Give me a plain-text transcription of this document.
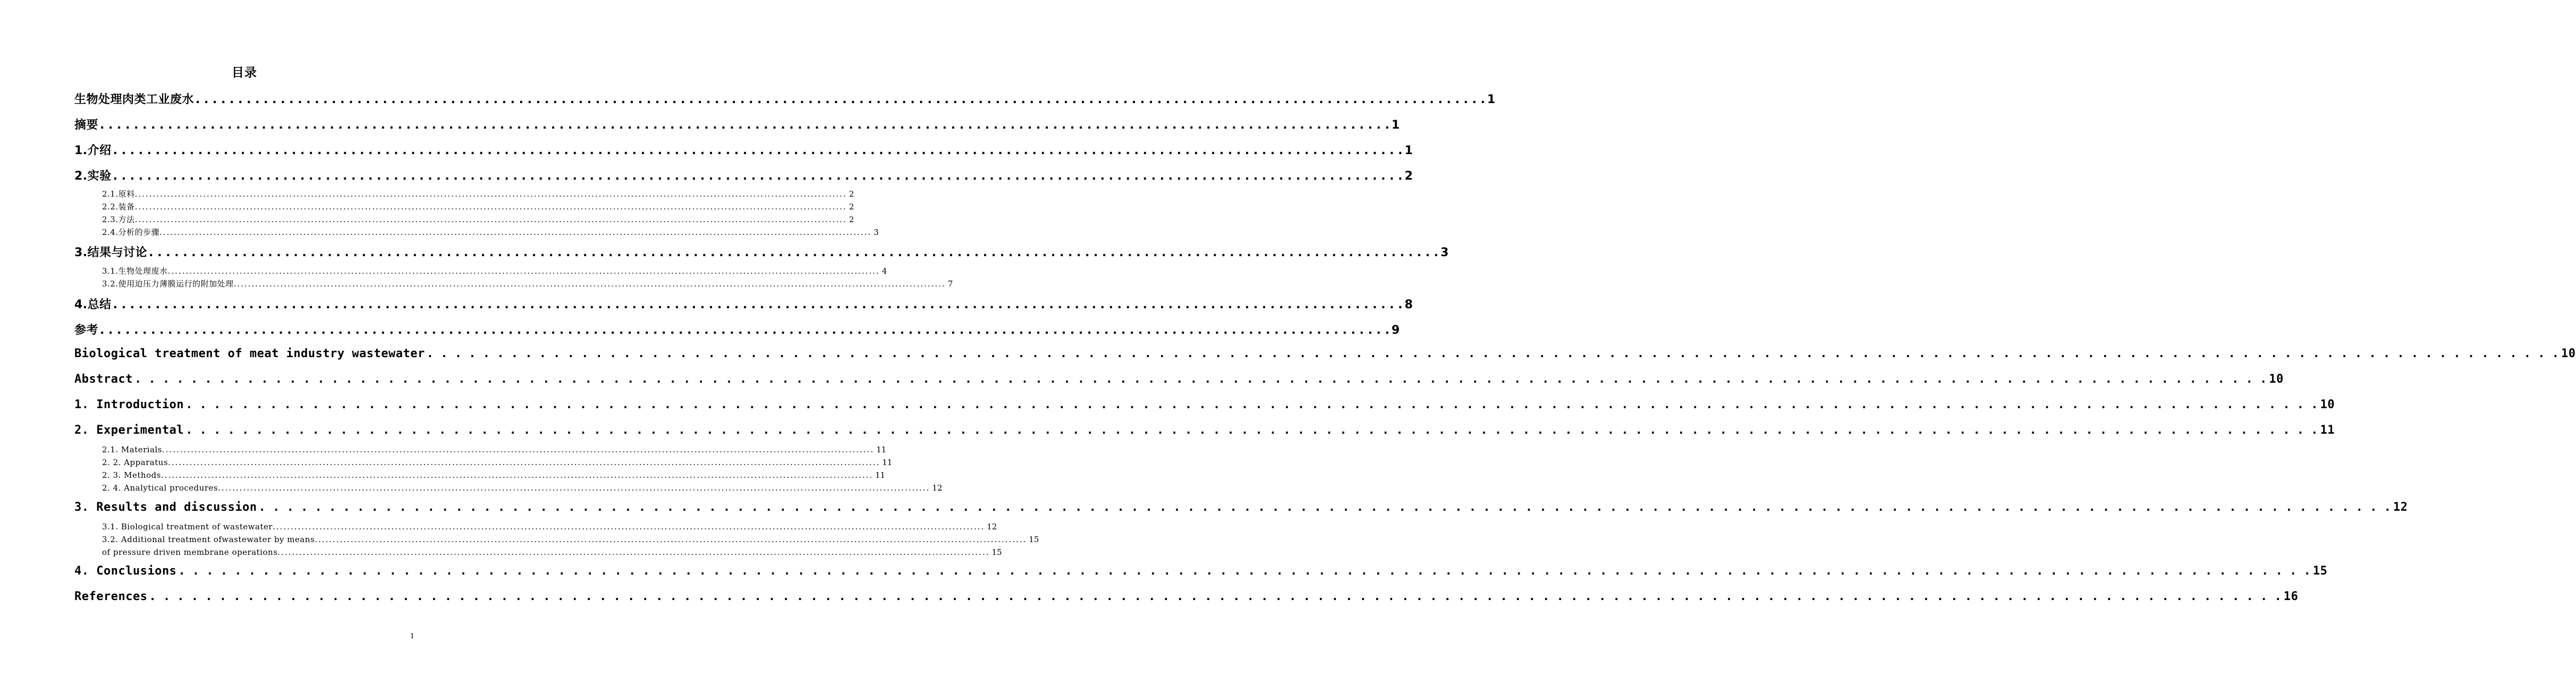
目录
生物处理肉类工业废水 . . .	1
摘要 . . .	1
1.介绍 . . .	1
2.实验 . . .	2
2.1.原料 .....	2
2.2.装备 .....	2
2.3.方法 .....	2
2.4.分析的步骤 .....	3
3.结果与讨论 . . .	3
3.1.生物处理废水 .....	4
3.2.使用迫压力薄膜运行的附加处理 .....	7
4.总结 . . .	8
参考 . . .	9
Biological treatment of meat industry wastewater . . .	10
Abstract . . .	10
1. Introduction . . .	10
2. Experimental . . .	11
2.1. Materials .....	11
2. 2. Apparatus .....	11
2. 3. Methods .....	11
2. 4. Analytical procedures .....	12
3. Results and discussion . . .	12
3.1. Biological treatment of wastewater .....	12
3.2. Additional treatment ofwastewater by means .....	15
of pressure driven membrane operations .....	15
4. Conclusions . . .	15
References . . .	16
1
